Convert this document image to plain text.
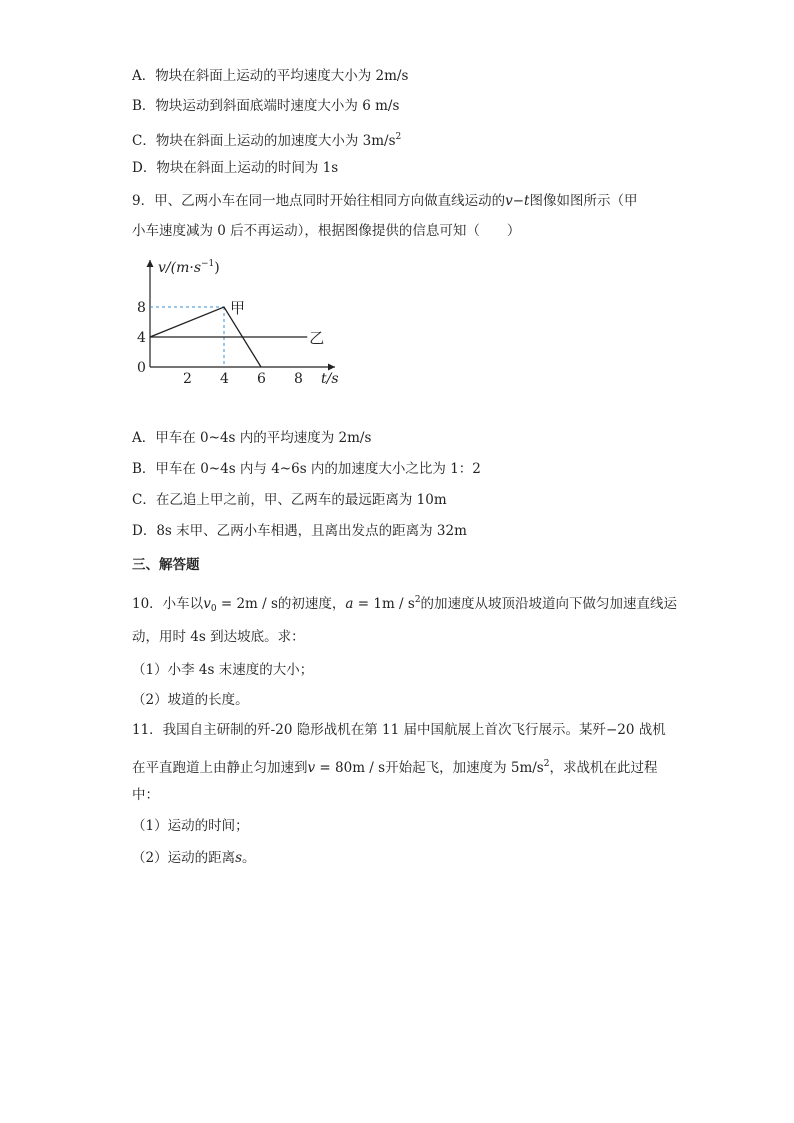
A．物块在斜面上运动的平均速度大小为 2m/s
B．物块运动到斜面底端时速度大小为 6 m/s
C．物块在斜面上运动的加速度大小为 $3m/s^2$
D．物块在斜面上运动的时间为 1s
9．甲、乙两小车在同一地点同时开始往相同方向做直线运动的v−t图像如图所示（甲
小车速度减为 0 后不再运动），根据图像提供的信息可知（　　）
$v/(m\cdot s^{-1})$
t/s
2 4 6 8
8
4
0
甲
乙
A．甲车在 0~4s 内的平均速度为 2m/s
B．甲车在 0~4s 内与 4~6s 内的加速度大小之比为 1：2
C．在乙追上甲之前，甲、乙两车的最远距离为 10m
D．8s 末甲、乙两小车相遇，且离出发点的距离为 32m
三、解答题
10．小车以$v_0 = 2m / s$的初速度，$a = 1m / s^2$的加速度从坡顶沿坡道向下做匀加速直线运
动，用时 4s 到达坡底。求：
（1）小李 4s 末速度的大小；
（2）坡道的长度。
11．我国自主研制的歼-20 隐形战机在第 11 届中国航展上首次飞行展示。某歼−20 战机
在平直跑道上由静止匀加速到v = 80m / s开始起飞，加速度为 $5m/s^2$，求战机在此过程
中：
（1）运动的时间；
（2）运动的距离s。
